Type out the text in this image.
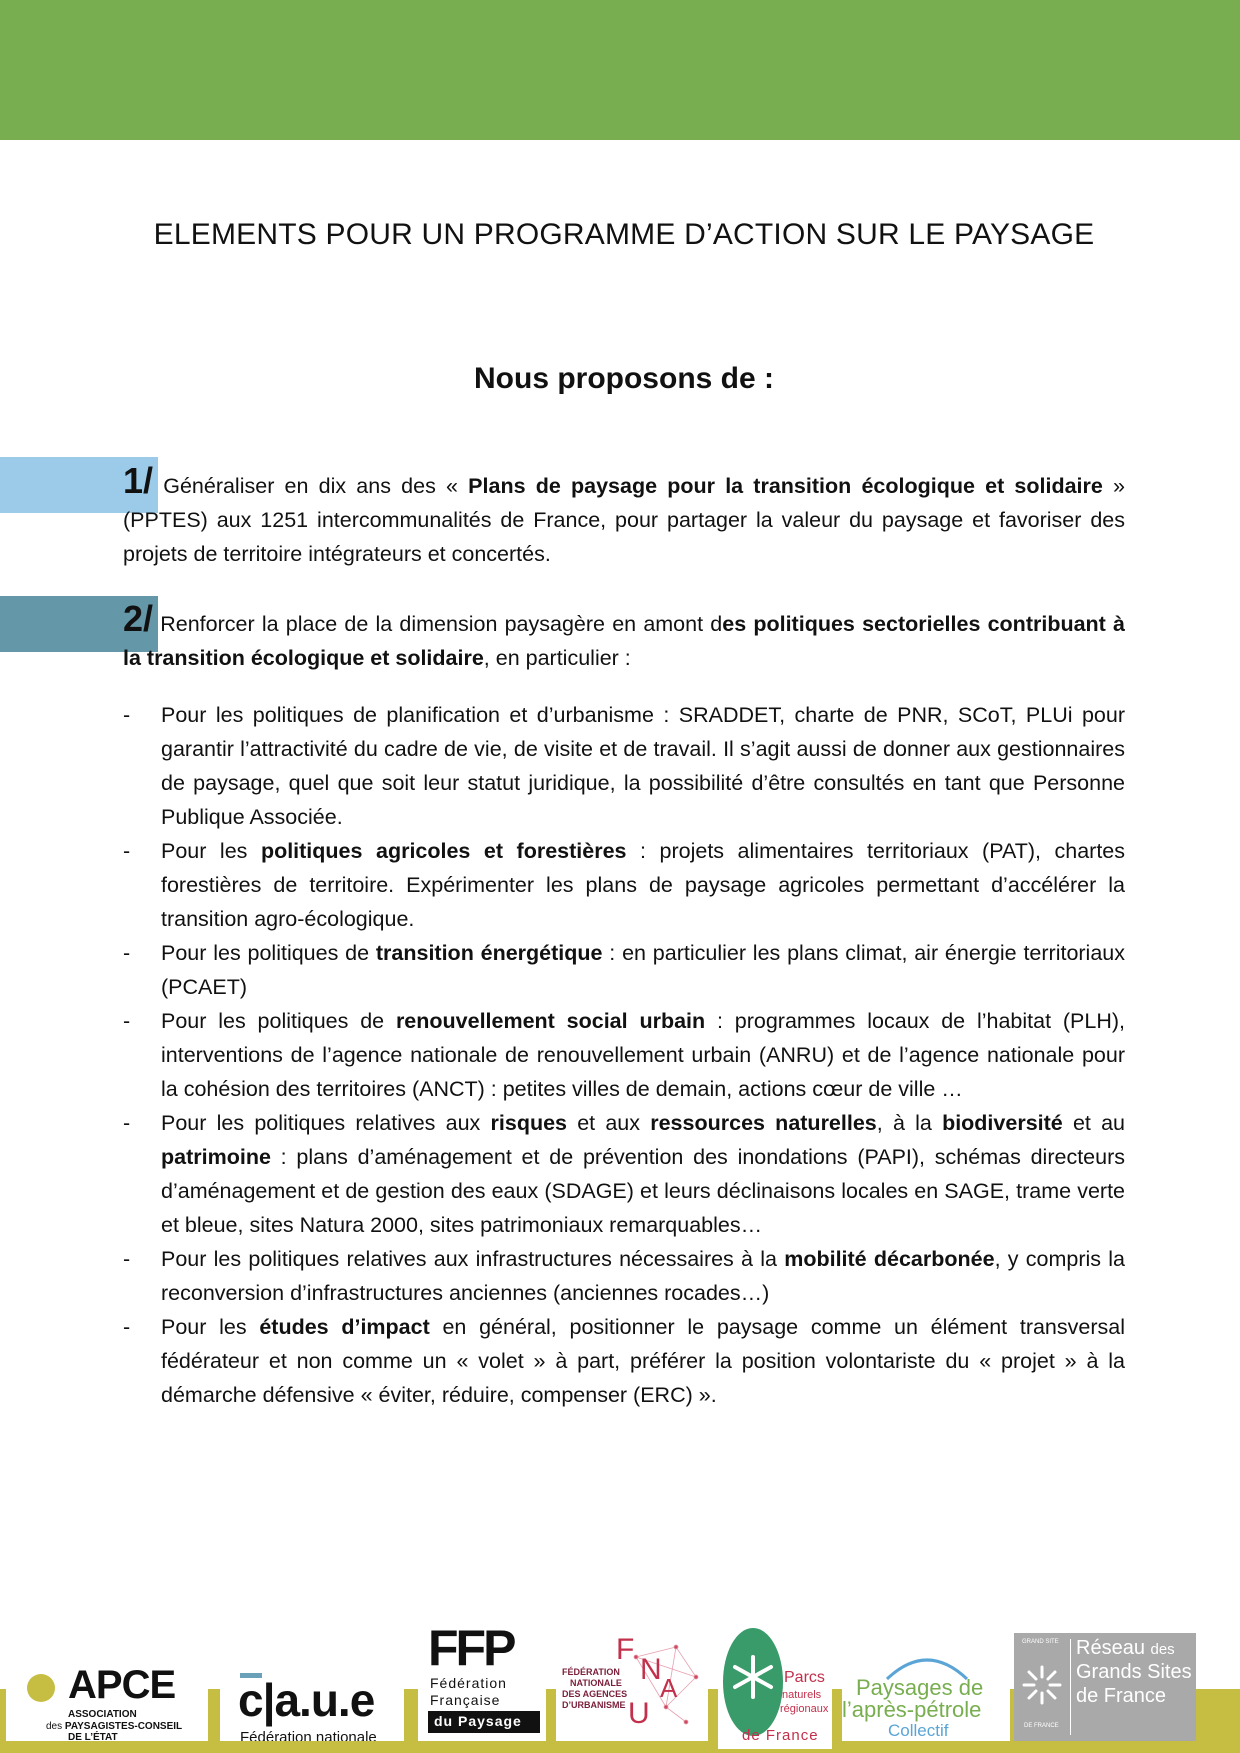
ELEMENTS POUR UN PROGRAMME D’ACTION SUR LE PAYSAGE
Nous proposons de :
1/ Généraliser en dix ans des « Plans de paysage pour la transition écologique et solidaire » (PPTES) aux 1251 intercommunalités de France, pour partager la valeur du paysage et favoriser des projets de territoire intégrateurs et concertés.
2/ Renforcer la place de la dimension paysagère en amont des politiques sectorielles contribuant à la transition écologique et solidaire, en particulier :
- Pour les politiques de planification et d’urbanisme : SRADDET, charte de PNR, SCoT, PLUi pour garantir l’attractivité du cadre de vie, de visite et de travail. Il s’agit aussi de donner aux gestionnaires de paysage, quel que soit leur statut juridique, la possibilité d’être consultés en tant que Personne Publique Associée.
- Pour les politiques agricoles et forestières : projets alimentaires territoriaux (PAT), chartes forestières de territoire. Expérimenter les plans de paysage agricoles permettant d’accélérer la transition agro-écologique.
- Pour les politiques de transition énergétique : en particulier les plans climat, air énergie territoriaux (PCAET)
- Pour les politiques de renouvellement social urbain : programmes locaux de l’habitat (PLH), interventions de l’agence nationale de renouvellement urbain (ANRU) et de l’agence nationale pour la cohésion des territoires (ANCT) : petites villes de demain, actions cœur de ville …
- Pour les politiques relatives aux risques et aux ressources naturelles, à la biodiversité et au patrimoine : plans d’aménagement et de prévention des inondations (PAPI), schémas directeurs d’aménagement et de gestion des eaux (SDAGE) et leurs déclinaisons locales en SAGE, trame verte et bleue, sites Natura 2000, sites patrimoniaux remarquables…
- Pour les politiques relatives aux infrastructures nécessaires à la mobilité décarbonée, y compris la reconversion d’infrastructures anciennes (anciennes rocades…)
- Pour les études d’impact en général, positionner le paysage comme un élément transversal fédérateur et non comme un « volet » à part, préférer la position volontariste du « projet » à la démarche défensive « éviter, réduire, compenser (ERC) ».
APCE
ASSOCIATION
des PAYSAGISTES-CONSEIL
DE L’ÉTAT
c|a.u.e
Fédération nationale
FFP
Fédération
Française
du Paysage
FÉDÉRATION
NATIONALE
DES AGENCES
D’URBANISME
F
N
A
U
Parcs
naturels
régionaux
de France
Paysages de
l’après-pétrole
Collectif
GRAND SITE
DE FRANCE
Réseau des
Grands Sites
de France
